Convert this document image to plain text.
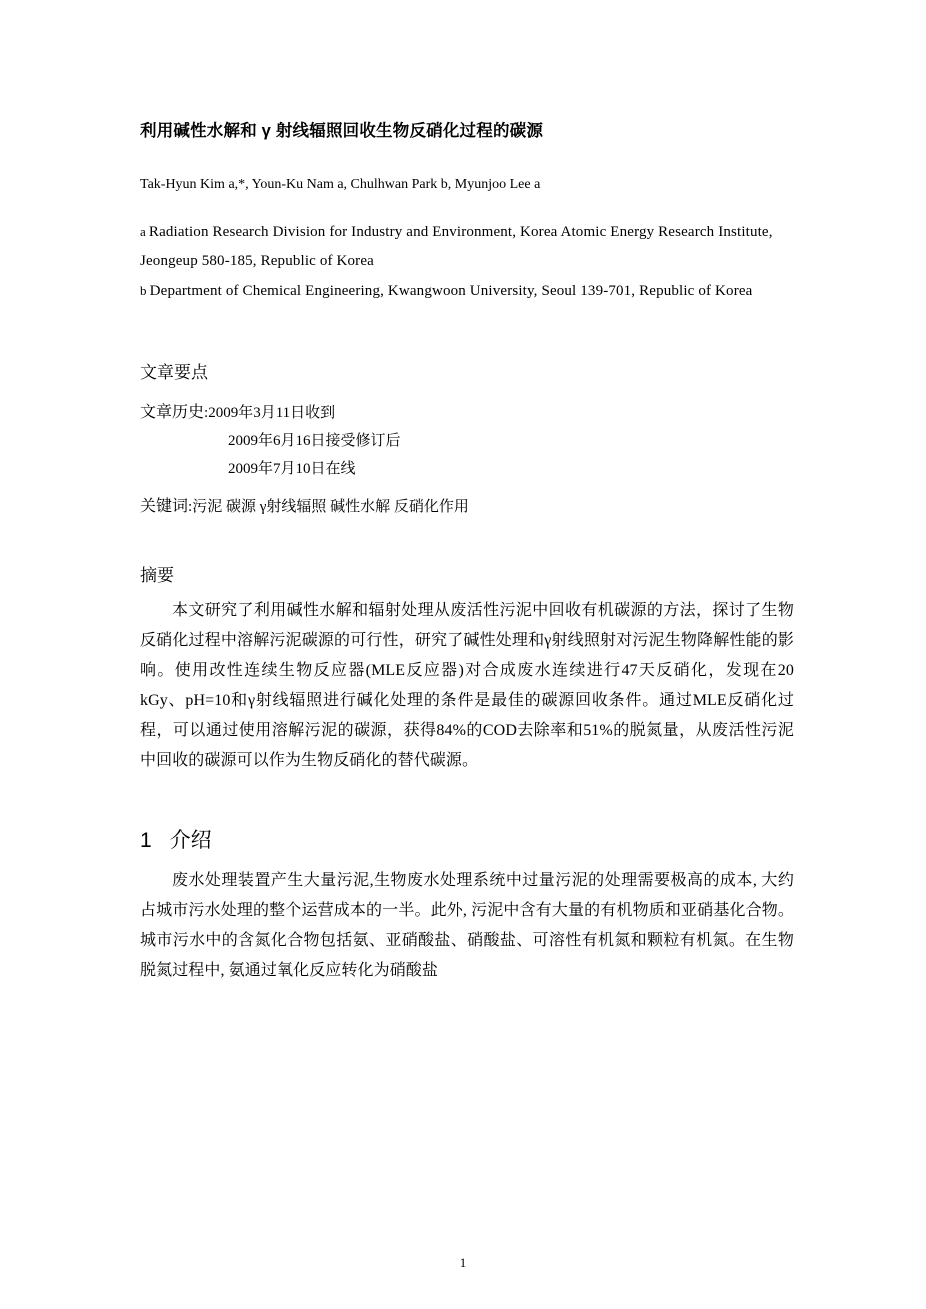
利用碱性水解和 γ 射线辐照回收生物反硝化过程的碳源

Tak-Hyun Kim a,*, Youn-Ku Nam a, Chulhwan Park b, Myunjoo Lee a

a Radiation Research Division for Industry and Environment, Korea Atomic Energy Research Institute, Jeongeup 580-185, Republic of Korea

b Department of Chemical Engineering, Kwangwoon University, Seoul 139-701, Republic of Korea

文章要点

文章历史:2009年3月11日收到

2009年6月16日接受修订后

2009年7月10日在线

关键词:污泥 碳源 γ射线辐照 碱性水解 反硝化作用

摘要

本文研究了利用碱性水解和辐射处理从废活性污泥中回收有机碳源的方法，探讨了生物反硝化过程中溶解污泥碳源的可行性，研究了碱性处理和γ射线照射对污泥生物降解性能的影响。使用改性连续生物反应器(MLE反应器)对合成废水连续进行47天反硝化，发现在20 kGy、pH=10和γ射线辐照进行碱化处理的条件是最佳的碳源回收条件。通过MLE反硝化过程，可以通过使用溶解污泥的碳源，获得84%的COD去除率和51%的脱氮量，从废活性污泥中回收的碳源可以作为生物反硝化的替代碳源。

1 介绍

废水处理装置产生大量污泥,生物废水处理系统中过量污泥的处理需要极高的成本, 大约占城市污水处理的整个运营成本的一半。此外, 污泥中含有大量的有机物质和亚硝基化合物。城市污水中的含氮化合物包括氨、亚硝酸盐、硝酸盐、可溶性有机氮和颗粒有机氮。在生物脱氮过程中, 氨通过氧化反应转化为硝酸盐

1
